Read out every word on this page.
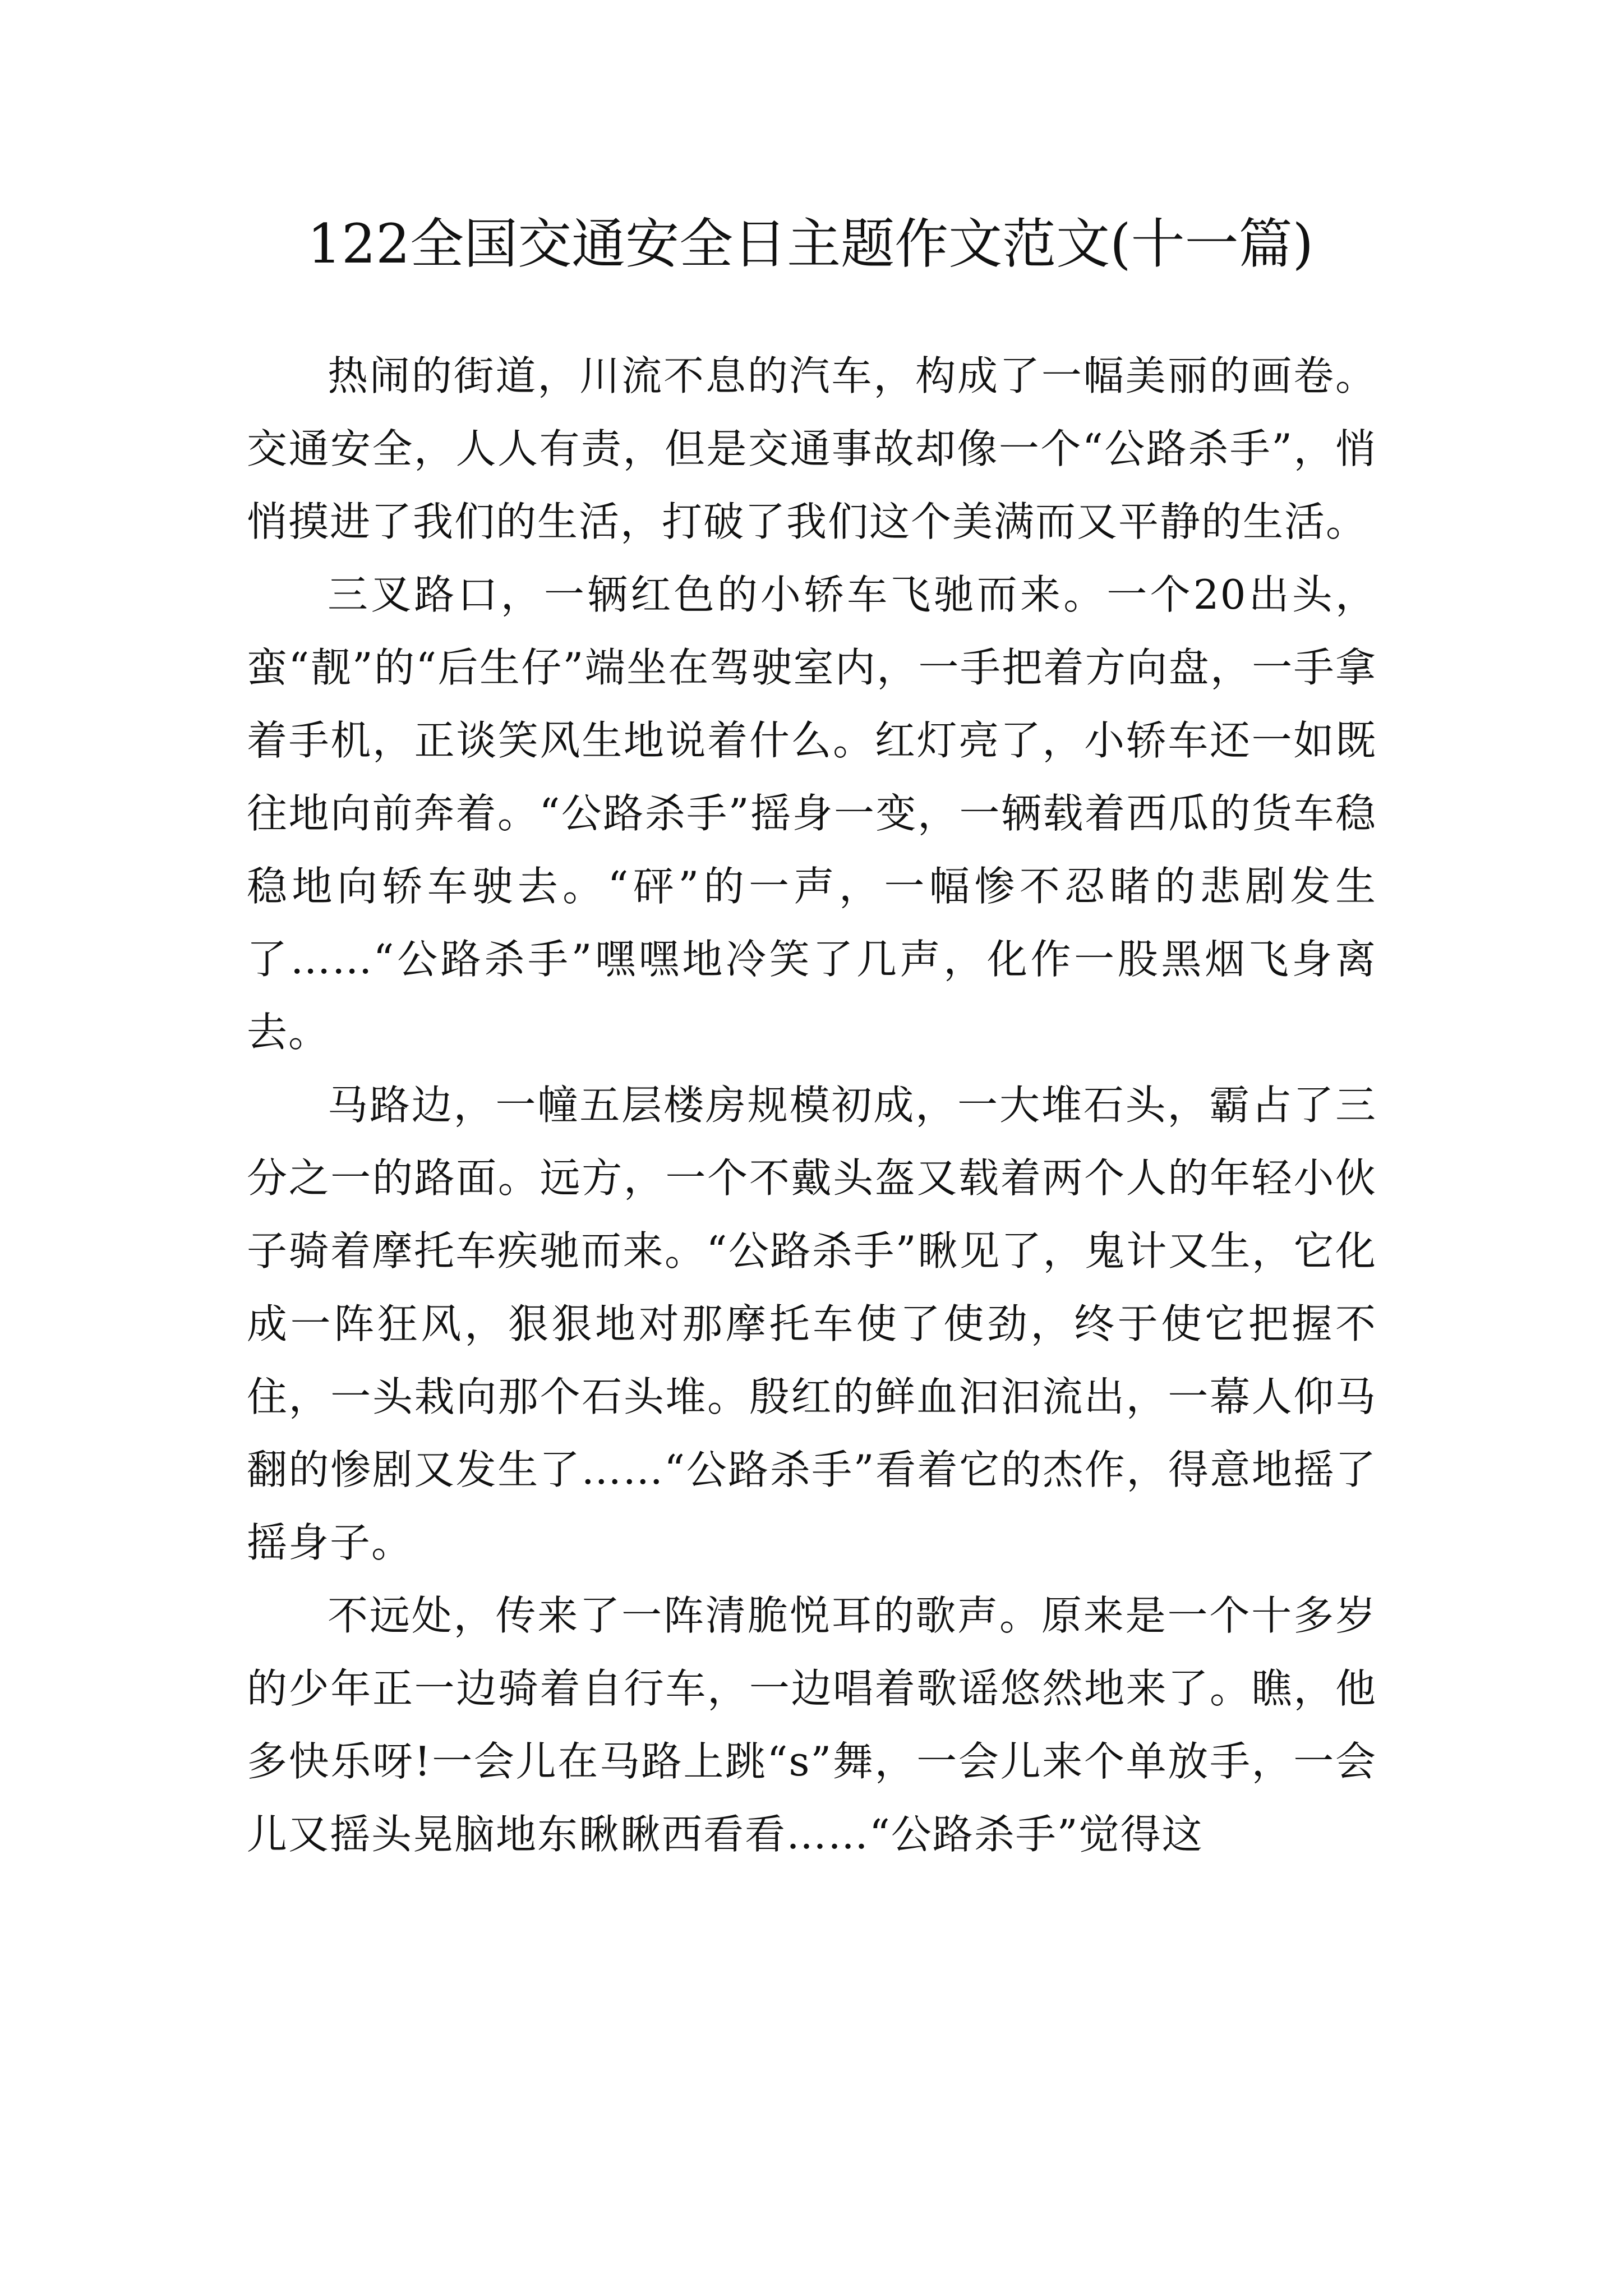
122全国交通安全日主题作文范文(十一篇)

热闹的街道，川流不息的汽车，构成了一幅美丽的画卷。交通安全，人人有责，但是交通事故却像一个“公路杀手”，悄悄摸进了我们的生活，打破了我们这个美满而又平静的生活。

三叉路口，一辆红色的小轿车飞驰而来。一个20出头，蛮“靓”的“后生仔”端坐在驾驶室内，一手把着方向盘，一手拿着手机，正谈笑风生地说着什么。红灯亮了，小轿车还一如既往地向前奔着。“公路杀手”摇身一变，一辆载着西瓜的货车稳稳地向轿车驶去。“砰”的一声，一幅惨不忍睹的悲剧发生了……“公路杀手”嘿嘿地冷笑了几声，化作一股黑烟飞身离去。

马路边，一幢五层楼房规模初成，一大堆石头，霸占了三分之一的路面。远方，一个不戴头盔又载着两个人的年轻小伙子骑着摩托车疾驰而来。“公路杀手”瞅见了，鬼计又生，它化成一阵狂风，狠狠地对那摩托车使了使劲，终于使它把握不住，一头栽向那个石头堆。殷红的鲜血汩汩流出，一幕人仰马翻的惨剧又发生了……“公路杀手”看着它的杰作，得意地摇了摇身子。

不远处，传来了一阵清脆悦耳的歌声。原来是一个十多岁的少年正一边骑着自行车，一边唱着歌谣悠然地来了。瞧，他多快乐呀!一会儿在马路上跳“s”舞，一会儿来个单放手，一会儿又摇头晃脑地东瞅瞅西看看……“公路杀手”觉得这
